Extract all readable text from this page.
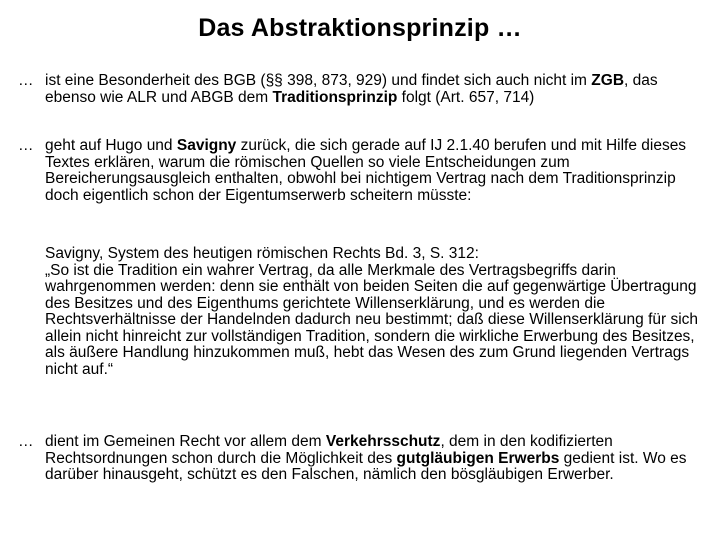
Das Abstraktionsprinzip …
… ist eine Besonderheit des BGB (§§ 398, 873, 929) und findet sich auch nicht im ZGB, das ebenso wie ALR und ABGB dem Traditionsprinzip folgt (Art. 657, 714)
… geht auf Hugo und Savigny zurück, die sich gerade auf IJ 2.1.40 berufen und mit Hilfe dieses Textes erklären, warum die römischen Quellen so viele Entscheidungen zum Bereicherungsausgleich enthalten, obwohl bei nichtigem Vertrag nach dem Traditionsprinzip doch eigentlich schon der Eigentumserwerb scheitern müsste:
Savigny, System des heutigen römischen Rechts Bd. 3, S. 312:
„So ist die Tradition ein wahrer Vertrag, da alle Merkmale des Vertragsbegriffs darin wahrgenommen werden: denn sie enthält von beiden Seiten die auf gegenwärtige Übertragung des Besitzes und des Eigenthums gerichtete Willenserklärung, und es werden die Rechtsverhältnisse der Handelnden dadurch neu bestimmt; daß diese Willenserklärung für sich allein nicht hinreicht zur vollständigen Tradition, sondern die wirkliche Erwerbung des Besitzes, als äußere Handlung hinzukommen muß, hebt das Wesen des zum Grund liegenden Vertrags nicht auf.“
… dient im Gemeinen Recht vor allem dem Verkehrsschutz, dem in den kodifizierten Rechtsordnungen schon durch die Möglichkeit des gutgläubigen Erwerbs gedient ist. Wo es darüber hinausgeht, schützt es den Falschen, nämlich den bösgläubigen Erwerber.
